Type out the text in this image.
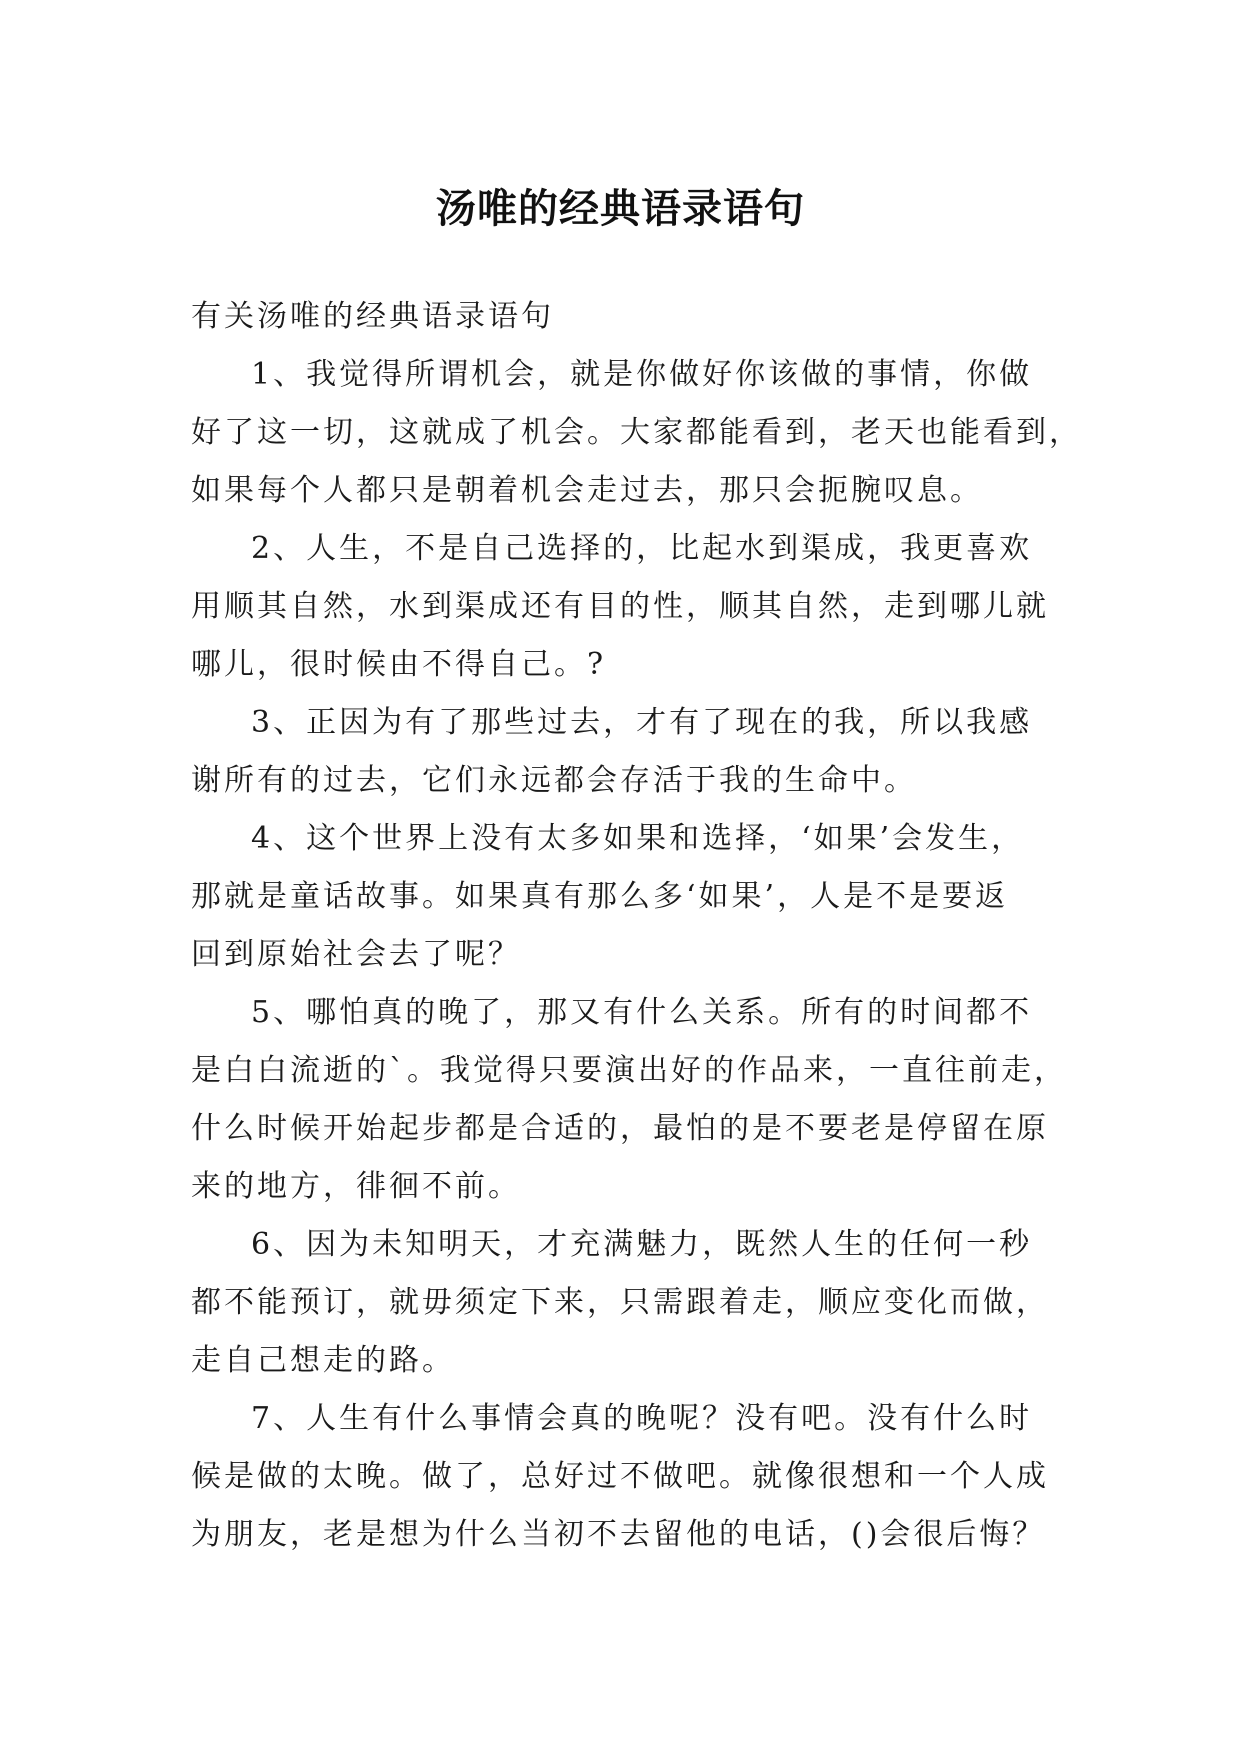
汤唯的经典语录语句

有关汤唯的经典语录语句

1、我觉得所谓机会，就是你做好你该做的事情，你做
好了这一切，这就成了机会。大家都能看到，老天也能看到，
如果每个人都只是朝着机会走过去，那只会扼腕叹息。

2、人生，不是自己选择的，比起水到渠成，我更喜欢
用顺其自然，水到渠成还有目的性，顺其自然，走到哪儿就
哪儿，很时候由不得自己。?

3、正因为有了那些过去，才有了现在的我，所以我感
谢所有的过去，它们永远都会存活于我的生命中。

4、这个世界上没有太多如果和选择，‘如果’会发生，
那就是童话故事。如果真有那么多‘如果’，人是不是要返
回到原始社会去了呢？

5、哪怕真的晚了，那又有什么关系。所有的时间都不
是白白流逝的`。我觉得只要演出好的作品来，一直往前走，
什么时候开始起步都是合适的，最怕的是不要老是停留在原
来的地方，徘徊不前。

6、因为未知明天，才充满魅力，既然人生的任何一秒
都不能预订，就毋须定下来，只需跟着走，顺应变化而做，
走自己想走的路。

7、人生有什么事情会真的晚呢？没有吧。没有什么时
候是做的太晚。做了，总好过不做吧。就像很想和一个人成
为朋友，老是想为什么当初不去留他的电话，()会很后悔？
